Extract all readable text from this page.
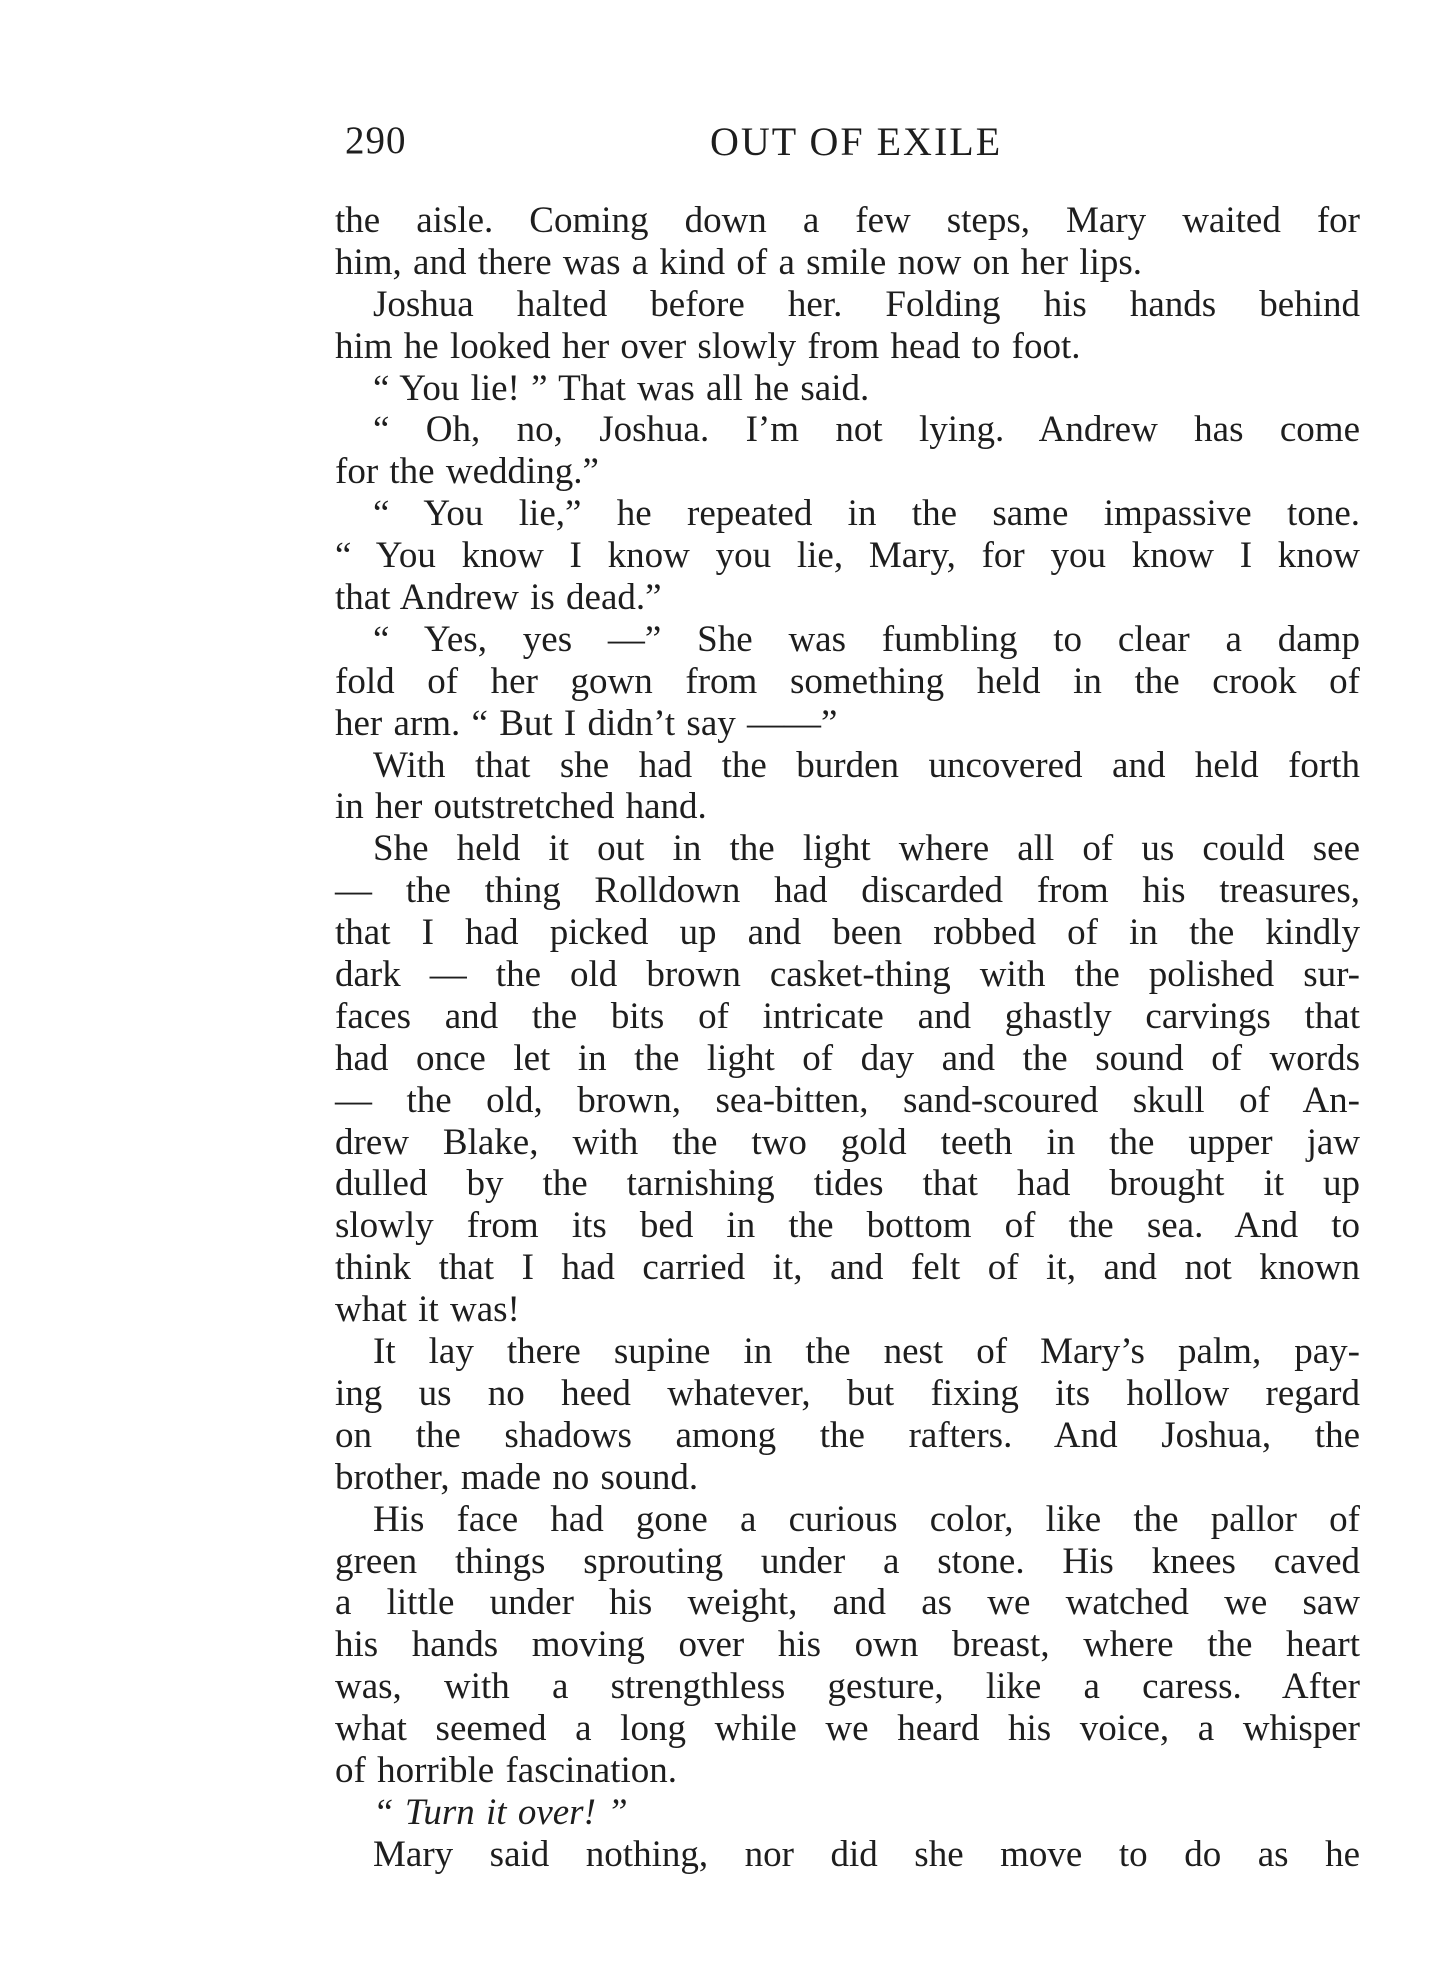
290	OUT OF EXILE
the aisle. Coming down a few steps, Mary waited for
him, and there was a kind of a smile now on her lips.
Joshua halted before her. Folding his hands behind
him he looked her over slowly from head to foot.
“ You lie! ” That was all he said.
“ Oh, no, Joshua. I’m not lying. Andrew has come
for the wedding.”
“ You lie,” he repeated in the same impassive tone.
“ You know I know you lie, Mary, for you know I know
that Andrew is dead.”
“ Yes, yes —” She was fumbling to clear a damp
fold of her gown from something held in the crook of
her arm. “ But I didn’t say ——”
With that she had the burden uncovered and held forth
in her outstretched hand.
She held it out in the light where all of us could see
— the thing Rolldown had discarded from his treasures,
that I had picked up and been robbed of in the kindly
dark — the old brown casket-thing with the polished sur-
faces and the bits of intricate and ghastly carvings that
had once let in the light of day and the sound of words
— the old, brown, sea-bitten, sand-scoured skull of An-
drew Blake, with the two gold teeth in the upper jaw
dulled by the tarnishing tides that had brought it up
slowly from its bed in the bottom of the sea. And to
think that I had carried it, and felt of it, and not known
what it was!
It lay there supine in the nest of Mary’s palm, pay-
ing us no heed whatever, but fixing its hollow regard
on the shadows among the rafters. And Joshua, the
brother, made no sound.
His face had gone a curious color, like the pallor of
green things sprouting under a stone. His knees caved
a little under his weight, and as we watched we saw
his hands moving over his own breast, where the heart
was, with a strengthless gesture, like a caress. After
what seemed a long while we heard his voice, a whisper
of horrible fascination.
“ Turn it over! ”
Mary said nothing, nor did she move to do as he
